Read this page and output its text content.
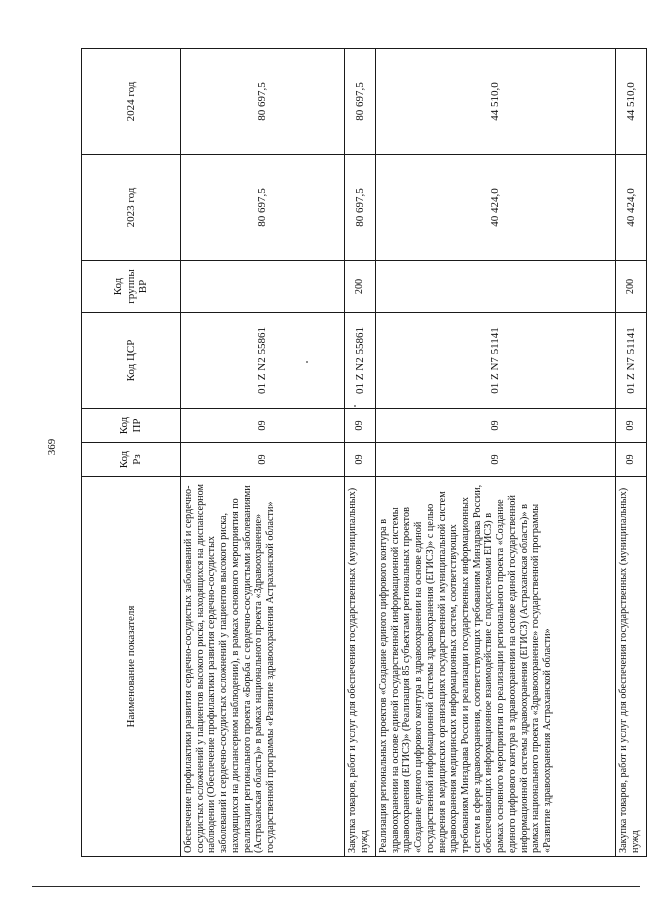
369
Наименование показателя	Код Рз	Код ПР	Код ЦСР	Код группы ВР	2023 год	2024 год
Обеспечение профилактики развития сердечно-сосудистых заболеваний и сердечно-сосудистых осложнений у пациентов высокого риска, находящихся на диспансерном наблюдении (Обеспечение профилактики развития сердечно-сосудистых заболеваний и сердечно-сосудистых осложнений у пациентов высокого риска, находящихся на диспансерном наблюдении), в рамках основного мероприятия по реализации регионального проекта «Борьба с сердечно-сосудистыми заболеваниями (Астраханская область)» в рамках национального проекта «Здравоохранение» государственной программы «Развитие здравоохранения Астраханской области»	09	09	01 Z N2 55861		80 697,5	80 697,5
Закупка товаров, работ и услуг для обеспечения государственных (муниципальных) нужд	09	09	01 Z N2 55861	200	80 697,5	80 697,5
Реализация региональных проектов «Создание единого цифрового контура в здравоохранении на основе единой государственной информационной системы здравоохранения (ЕГИСЗ)» (Реализация 85 субъектами региональных проектов «Создание единого цифрового контура в здравоохранении на основе единой государственной информационной системы здравоохранения (ЕГИСЗ)» с целью внедрения в медицинских организациях государственной и муниципальной систем здравоохранения медицинских информационных систем, соответствующих требованиям Минздрава России и реализации государственных информационных систем в сфере здравоохранения, соответствующих требованиям Минздрава России, обеспечивающих информационное взаимодействие с подсистемами ЕГИСЗ) в рамках основного мероприятия по реализации регионального проекта «Создание единого цифрового контура в здравоохранении на основе единой государственной информационной системы здравоохранения (ЕГИСЗ) (Астраханская область)» в рамках национального проекта «Здравоохранение» государственной программы «Развитие здравоохранения Астраханской области»	09	09	01 Z N7 51141		40 424,0	44 510,0
Закупка товаров, работ и услуг для обеспечения государственных (муниципальных) нужд	09	09	01 Z N7 51141	200	40 424,0	44 510,0
